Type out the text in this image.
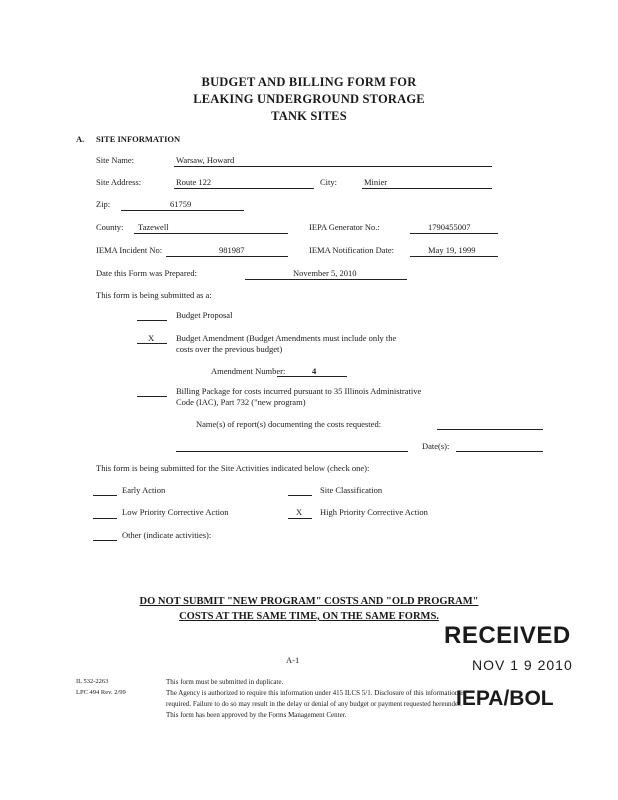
BUDGET AND BILLING FORM FOR
LEAKING UNDERGROUND STORAGE
TANK SITES
A. SITE INFORMATION
Site Name:	Warsaw, Howard
Site Address:	Route 122	City:	Minier
Zip:	61759
County: Tazewell	IEPA Generator No.:	1790455007
IEMA Incident No:	981987	IEMA Notification Date:	May 19, 1999
Date this Form was Prepared:	November 5, 2010
This form is being submitted as a:
Budget Proposal
X	Budget Amendment (Budget Amendments must include only the
costs over the previous budget)
Amendment Number:	4
Billing Package for costs incurred pursuant to 35 Illinois Administrative
Code (IAC), Part 732 ("new program)
Name(s) of report(s) documenting the costs requested:
Date(s):
This form is being submitted for the Site Activities indicated below (check one):
Early Action	Site Classification
Low Priority Corrective Action	X High Priority Corrective Action
Other (indicate activities):
DO NOT SUBMIT "NEW PROGRAM" COSTS AND "OLD PROGRAM"
COSTS AT THE SAME TIME, ON THE SAME FORMS.
RECEIVED
NOV 1 9 2010
IEPA/BOL
A-1
IL 532-2263
LPC 494 Rev. 2/99
This form must be submitted in duplicate.
The Agency is authorized to require this information under 415 ILCS 5/1. Disclosure of this information is
required. Failure to do so may result in the delay or denial of any budget or payment requested hereunder.
This form has been approved by the Forms Management Center.
